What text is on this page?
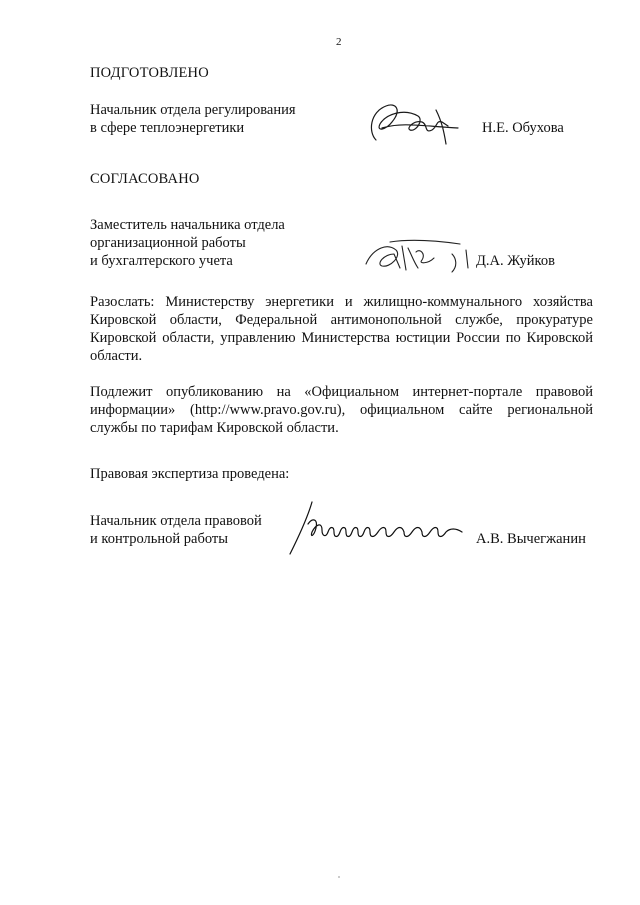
2
ПОДГОТОВЛЕНО
Начальник отдела регулирования
в сфере теплоэнергетики	Н.Е. Обухова
СОГЛАСОВАНО
Заместитель начальника отдела
организационной работы
и бухгалтерского учета	Д.А. Жуйков
Разослать: Министерству энергетики и жилищно-коммунального хозяйства Кировской области, Федеральной антимонопольной службе, прокуратуре Кировской области, управлению Министерства юстиции России по Кировской области.
Подлежит опубликованию на «Официальном интернет-портале правовой информации» (http://www.pravo.gov.ru), официальном сайте региональной службы по тарифам Кировской области.
Правовая экспертиза проведена:
Начальник отдела правовой
и контрольной работы	А.В. Вычегжанин
